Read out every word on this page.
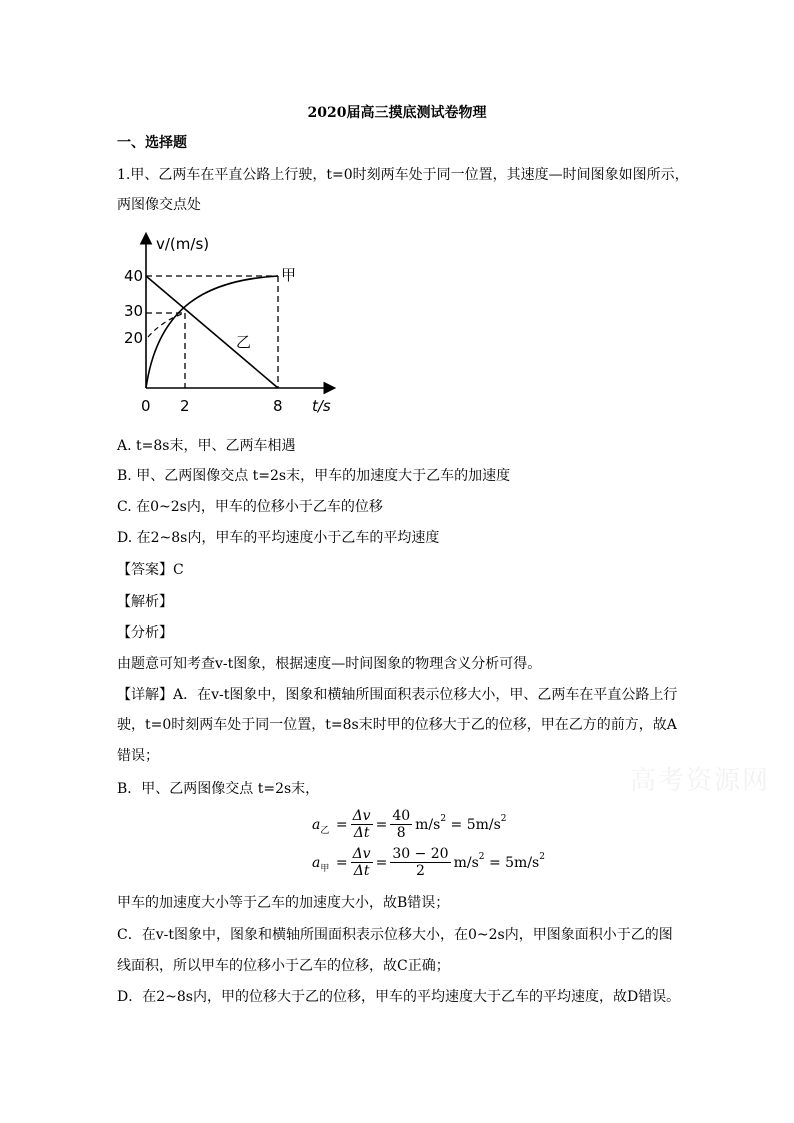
2020届高三摸底测试卷物理
一、选择题
1.甲、乙两车在平直公路上行驶，t=0时刻两车处于同一位置，其速度—时间图象如图所示，
两图像交点处
v/(m/s)
t/s
40
30
20
0 2	8
甲
乙
A. t=8s末，甲、乙两车相遇
B. 甲、乙两图像交点 t=2s末，甲车的加速度大于乙车的加速度
C. 在0~2s内，甲车的位移小于乙车的位移
D. 在2~8s内，甲车的平均速度小于乙车的平均速度
【答案】C
【解析】
【分析】
由题意可知考查v-t图象，根据速度—时间图象的物理含义分析可得。
【详解】A．在v-t图象中，图象和横轴所围面积表示位移大小，甲、乙两车在平直公路上行
驶，t=0时刻两车处于同一位置，t=8s末时甲的位移大于乙的位移，甲在乙方的前方，故A
错误；
B．甲、乙两图像交点 t=2s末，
a 乙 = $\frac{\Delta v}{\Delta t} = \frac{40}{8} m/s$ 2
= 5m/s 2
a 甲 = $\frac{\Delta v}{\Delta t} = \frac{30 - 20}{2} m/s$ 2
= 5m/s 2
甲车的加速度大小等于乙车的加速度大小，故B错误；
C．在v-t图象中，图象和横轴所围面积表示位移大小，在0~2s内，甲图象面积小于乙的图
线面积，所以甲车的位移小于乙车的位移，故C正确；
D．在2~8s内，甲的位移大于乙的位移，甲车的平均速度大于乙车的平均速度，故D错误。
高考资源网
